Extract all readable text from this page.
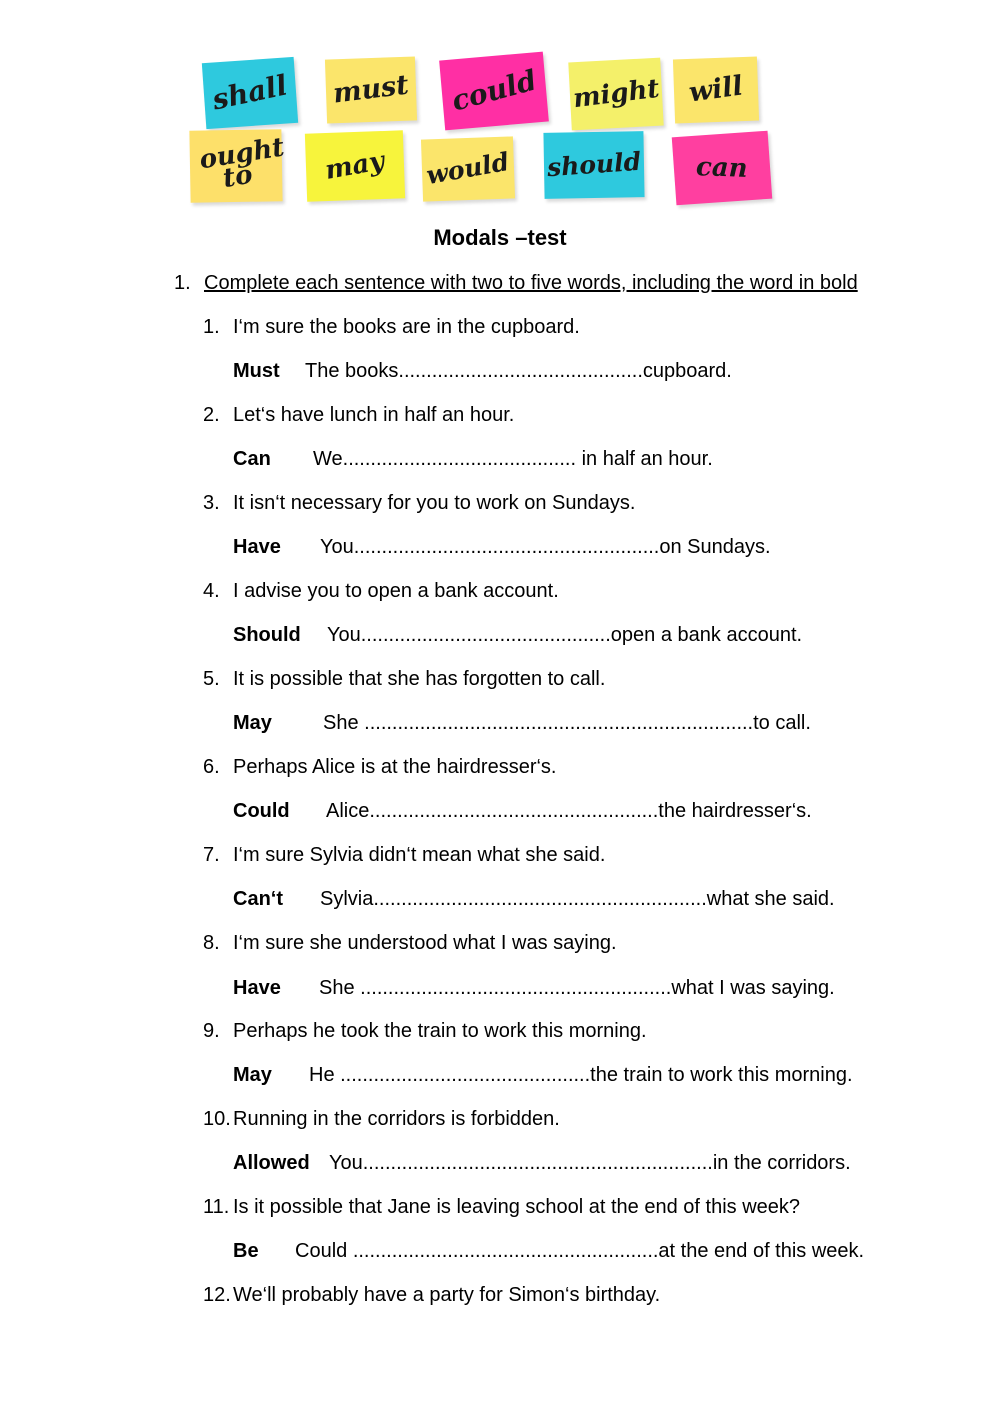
shall must could might will
ought to	may would should can
Modals –test
1. Complete each sentence with two to five words, including the word in bold
1. I‘m sure the books are in the cupboard.
Must The books............................................cupboard.
2. Let‘s have lunch in half an hour.
Can We.......................................... in half an hour.
3. It isn‘t necessary for you to work on Sundays.
Have You.......................................................on Sundays.
4. I advise you to open a bank account.
Should You.............................................open a bank account.
5. It is possible that she has forgotten to call.
May	She ......................................................................to call.
6. Perhaps Alice is at the hairdresser‘s.
Could Alice....................................................the hairdresser‘s.
7. I‘m sure Sylvia didn‘t mean what she said.
Can‘t Sylvia............................................................what she said.
8. I‘m sure she understood what I was saying.
Have She ........................................................what I was saying.
9. Perhaps he took the train to work this morning.
May He .............................................the train to work this morning.
10. Running in the corridors is forbidden.
Allowed You...............................................................in the corridors.
11. Is it possible that Jane is leaving school at the end of this week?
Be Could .......................................................at the end of this week.
12. We‘ll probably have a party for Simon‘s birthday.
